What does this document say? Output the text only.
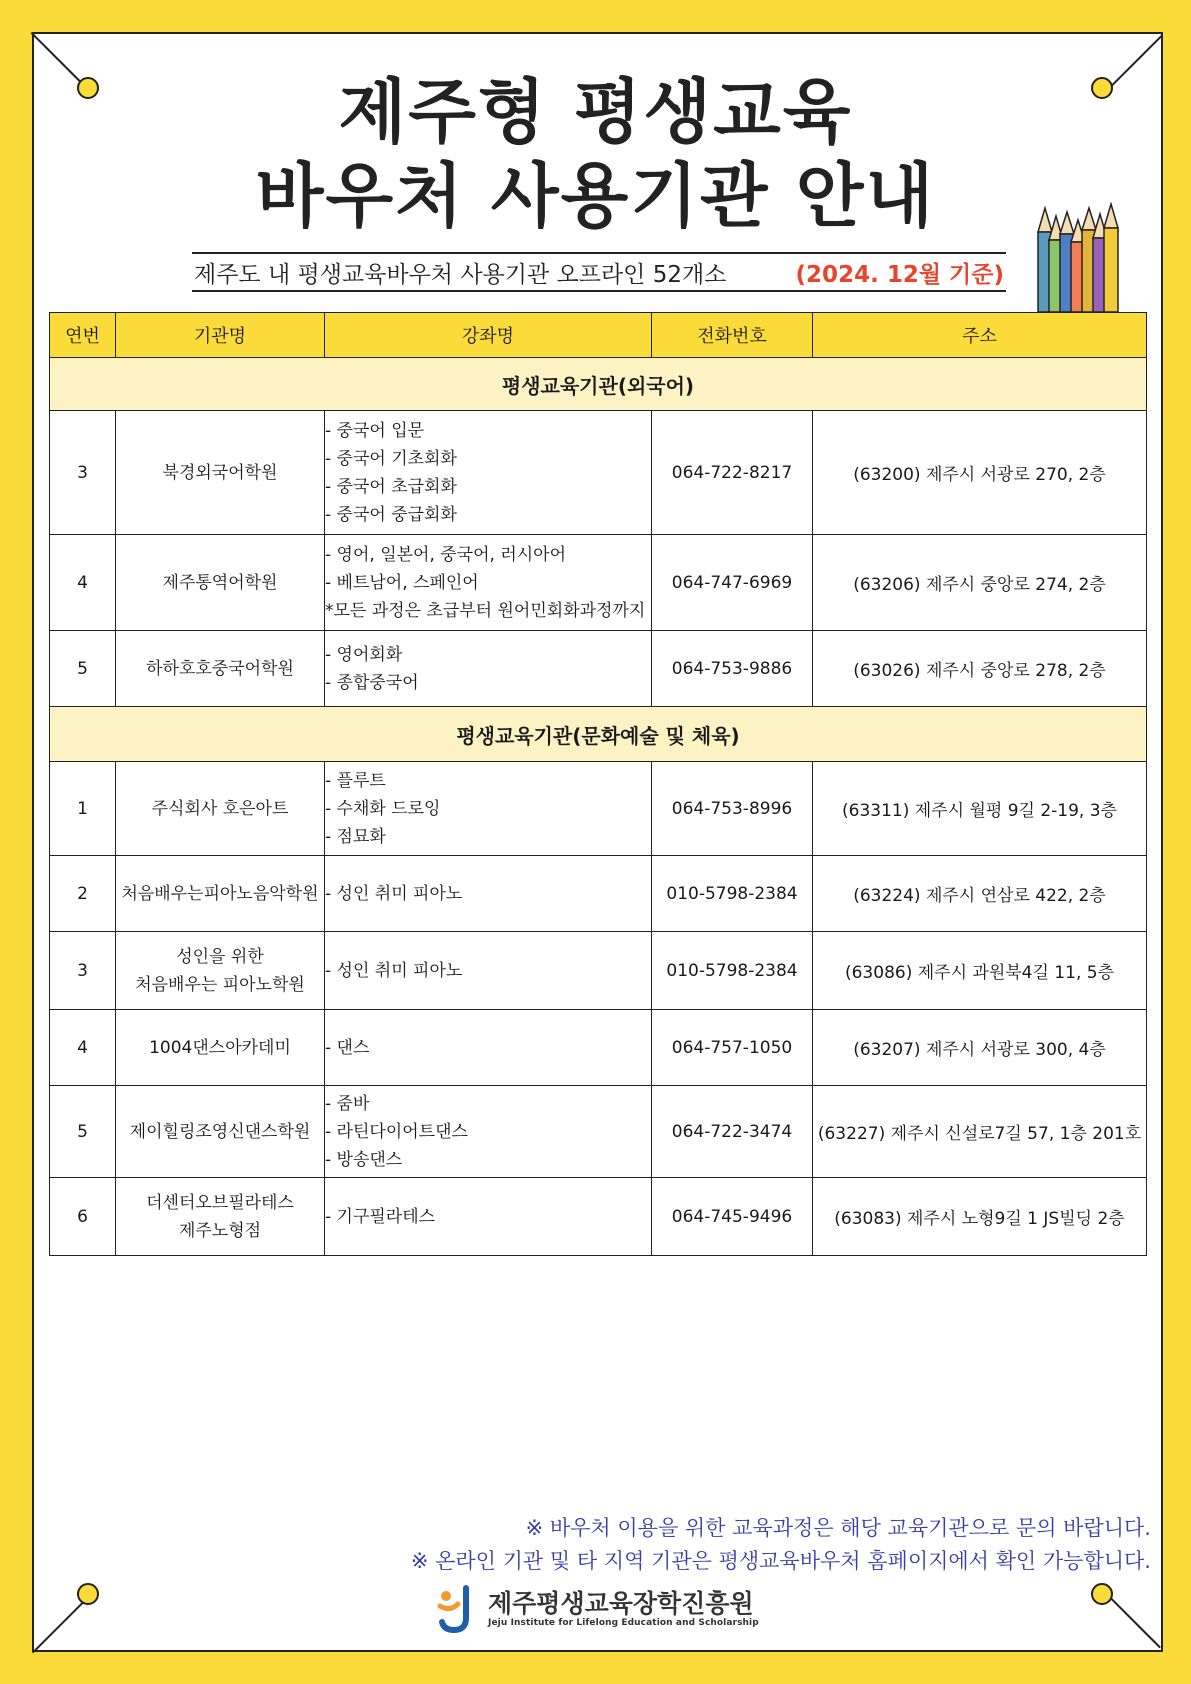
제주형 평생교육
바우처 사용기관 안내
제주도 내 평생교육바우처 사용기관 오프라인 52개소	(2024. 12월 기준)
연번	기관명	강좌명	전화번호	주소
평생교육기관(외국어)				
3	북경외국어학원	- 중국어 입문
- 중국어 기초회화
- 중국어 초급회화
- 중국어 중급회화	064-722-8217	(63200) 제주시 서광로 270, 2층
4	제주통역어학원	- 영어, 일본어, 중국어, 러시아어
- 베트남어, 스페인어
*모든 과정은 초급부터 원어민회화과정까지	064-747-6969	(63206) 제주시 중앙로 274, 2층
5	하하호호중국어학원	- 영어회화
- 종합중국어	064-753-9886	(63026) 제주시 중앙로 278, 2층
평생교육기관(문화예술 및 체육)				
1	주식회사 호은아트	- 플루트
- 수채화 드로잉
- 점묘화	064-753-8996	(63311) 제주시 월평 9길 2-19, 3층
2	처음배우는피아노음악학원	- 성인 취미 피아노	010-5798-2384	(63224) 제주시 연삼로 422, 2층
3	성인을 위한
처음배우는 피아노학원	- 성인 취미 피아노	010-5798-2384	(63086) 제주시 과원북4길 11, 5층
4	1004댄스아카데미	- 댄스	064-757-1050	(63207) 제주시 서광로 300, 4층
5	제이힐링조영신댄스학원	- 줌바
- 라틴다이어트댄스
- 방송댄스	064-722-3474	(63227) 제주시 신설로7길 57, 1층 201호
6	더센터오브필라테스
제주노형점	- 기구필라테스	064-745-9496	(63083) 제주시 노형9길 1 JS빌딩 2층
※ 바우처 이용을 위한 교육과정은 해당 교육기관으로 문의 바랍니다.
※ 온라인 기관 및 타 지역 기관은 평생교육바우처 홈페이지에서 확인 가능합니다.
제주평생교육장학진흥원
Jeju Institute for Lifelong Education and Scholarship
